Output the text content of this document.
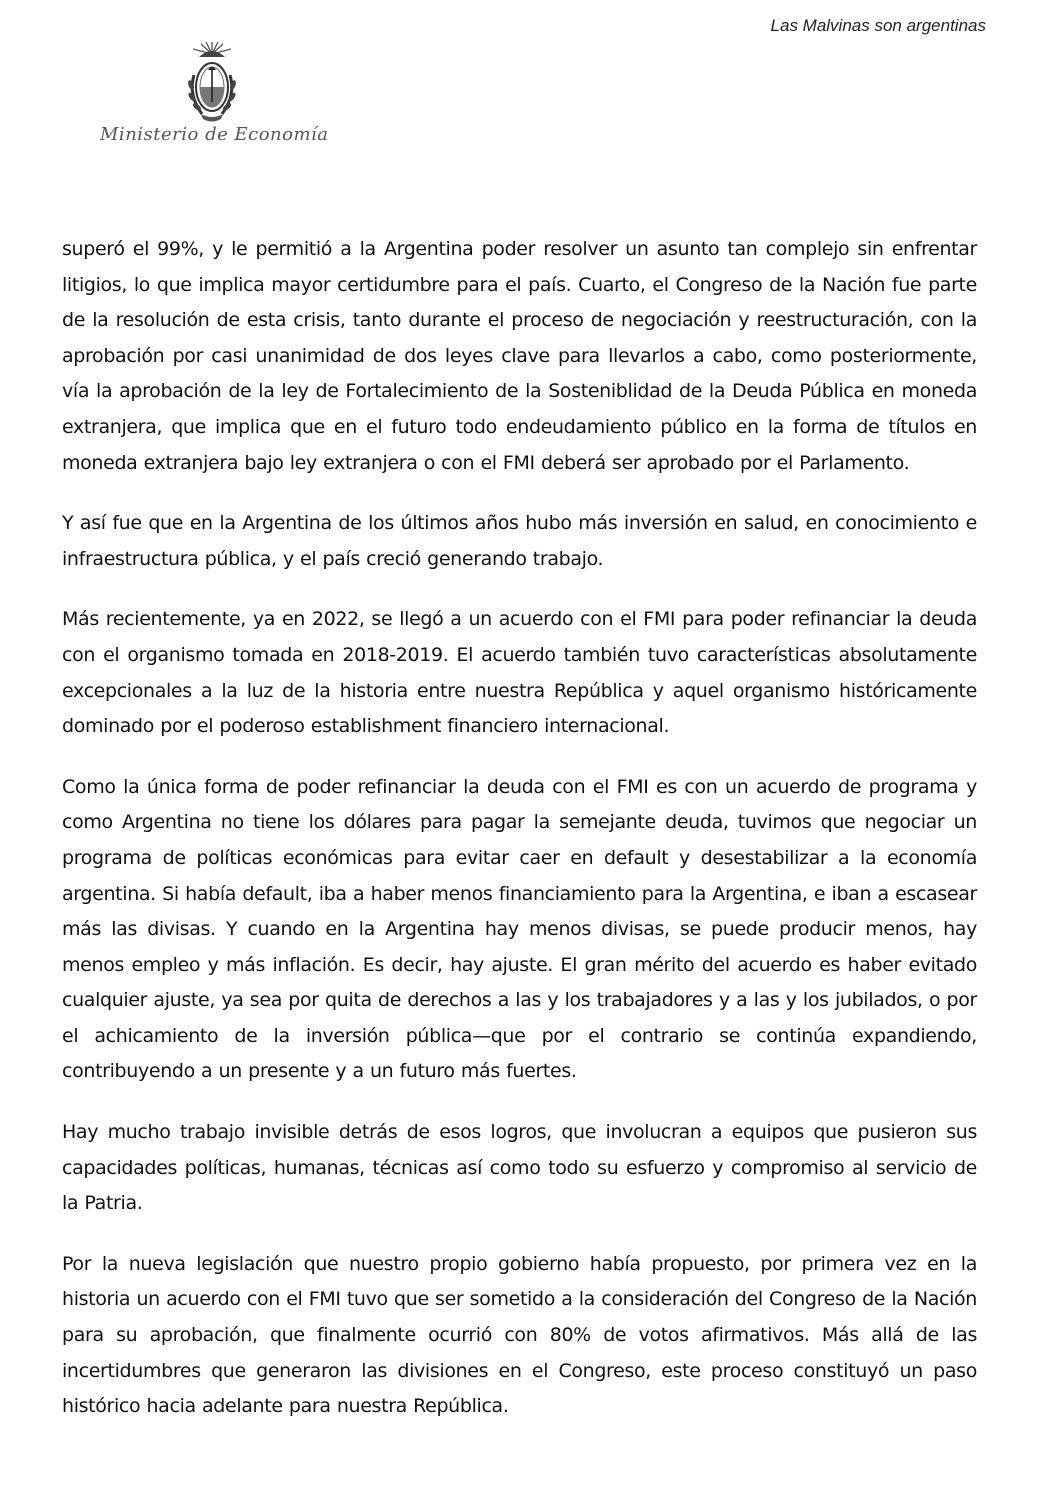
Las Malvinas son argentinas
Ministerio de Economía

superó el 99%, y le permitió a la Argentina poder resolver un asunto tan complejo sin enfrentar litigios, lo que implica mayor certidumbre para el país. Cuarto, el Congreso de la Nación fue parte de la resolución de esta crisis, tanto durante el proceso de negociación y reestructuración, con la aprobación por casi unanimidad de dos leyes clave para llevarlos a cabo, como posteriormente, vía la aprobación de la ley de Fortalecimiento de la Sosteniblidad de la Deuda Pública en moneda extranjera, que implica que en el futuro todo endeudamiento público en la forma de títulos en moneda extranjera bajo ley extranjera o con el FMI deberá ser aprobado por el Parlamento.

Y así fue que en la Argentina de los últimos años hubo más inversión en salud, en conocimiento e infraestructura pública, y el país creció generando trabajo.

Más recientemente, ya en 2022, se llegó a un acuerdo con el FMI para poder refinanciar la deuda con el organismo tomada en 2018-2019. El acuerdo también tuvo características absolutamente excepcionales a la luz de la historia entre nuestra República y aquel organismo históricamente dominado por el poderoso establishment financiero internacional.

Como la única forma de poder refinanciar la deuda con el FMI es con un acuerdo de programa y como Argentina no tiene los dólares para pagar la semejante deuda, tuvimos que negociar un programa de políticas económicas para evitar caer en default y desestabilizar a la economía argentina. Si había default, iba a haber menos financiamiento para la Argentina, e iban a escasear más las divisas. Y cuando en la Argentina hay menos divisas, se puede producir menos, hay menos empleo y más inflación. Es decir, hay ajuste. El gran mérito del acuerdo es haber evitado cualquier ajuste, ya sea por quita de derechos a las y los trabajadores y a las y los jubilados, o por el achicamiento de la inversión pública—que por el contrario se continúa expandiendo, contribuyendo a un presente y a un futuro más fuertes.

Hay mucho trabajo invisible detrás de esos logros, que involucran a equipos que pusieron sus capacidades políticas, humanas, técnicas así como todo su esfuerzo y compromiso al servicio de la Patria.

Por la nueva legislación que nuestro propio gobierno había propuesto, por primera vez en la historia un acuerdo con el FMI tuvo que ser sometido a la consideración del Congreso de la Nación para su aprobación, que finalmente ocurrió con 80% de votos afirmativos. Más allá de las incertidumbres que generaron las divisiones en el Congreso, este proceso constituyó un paso histórico hacia adelante para nuestra República.
